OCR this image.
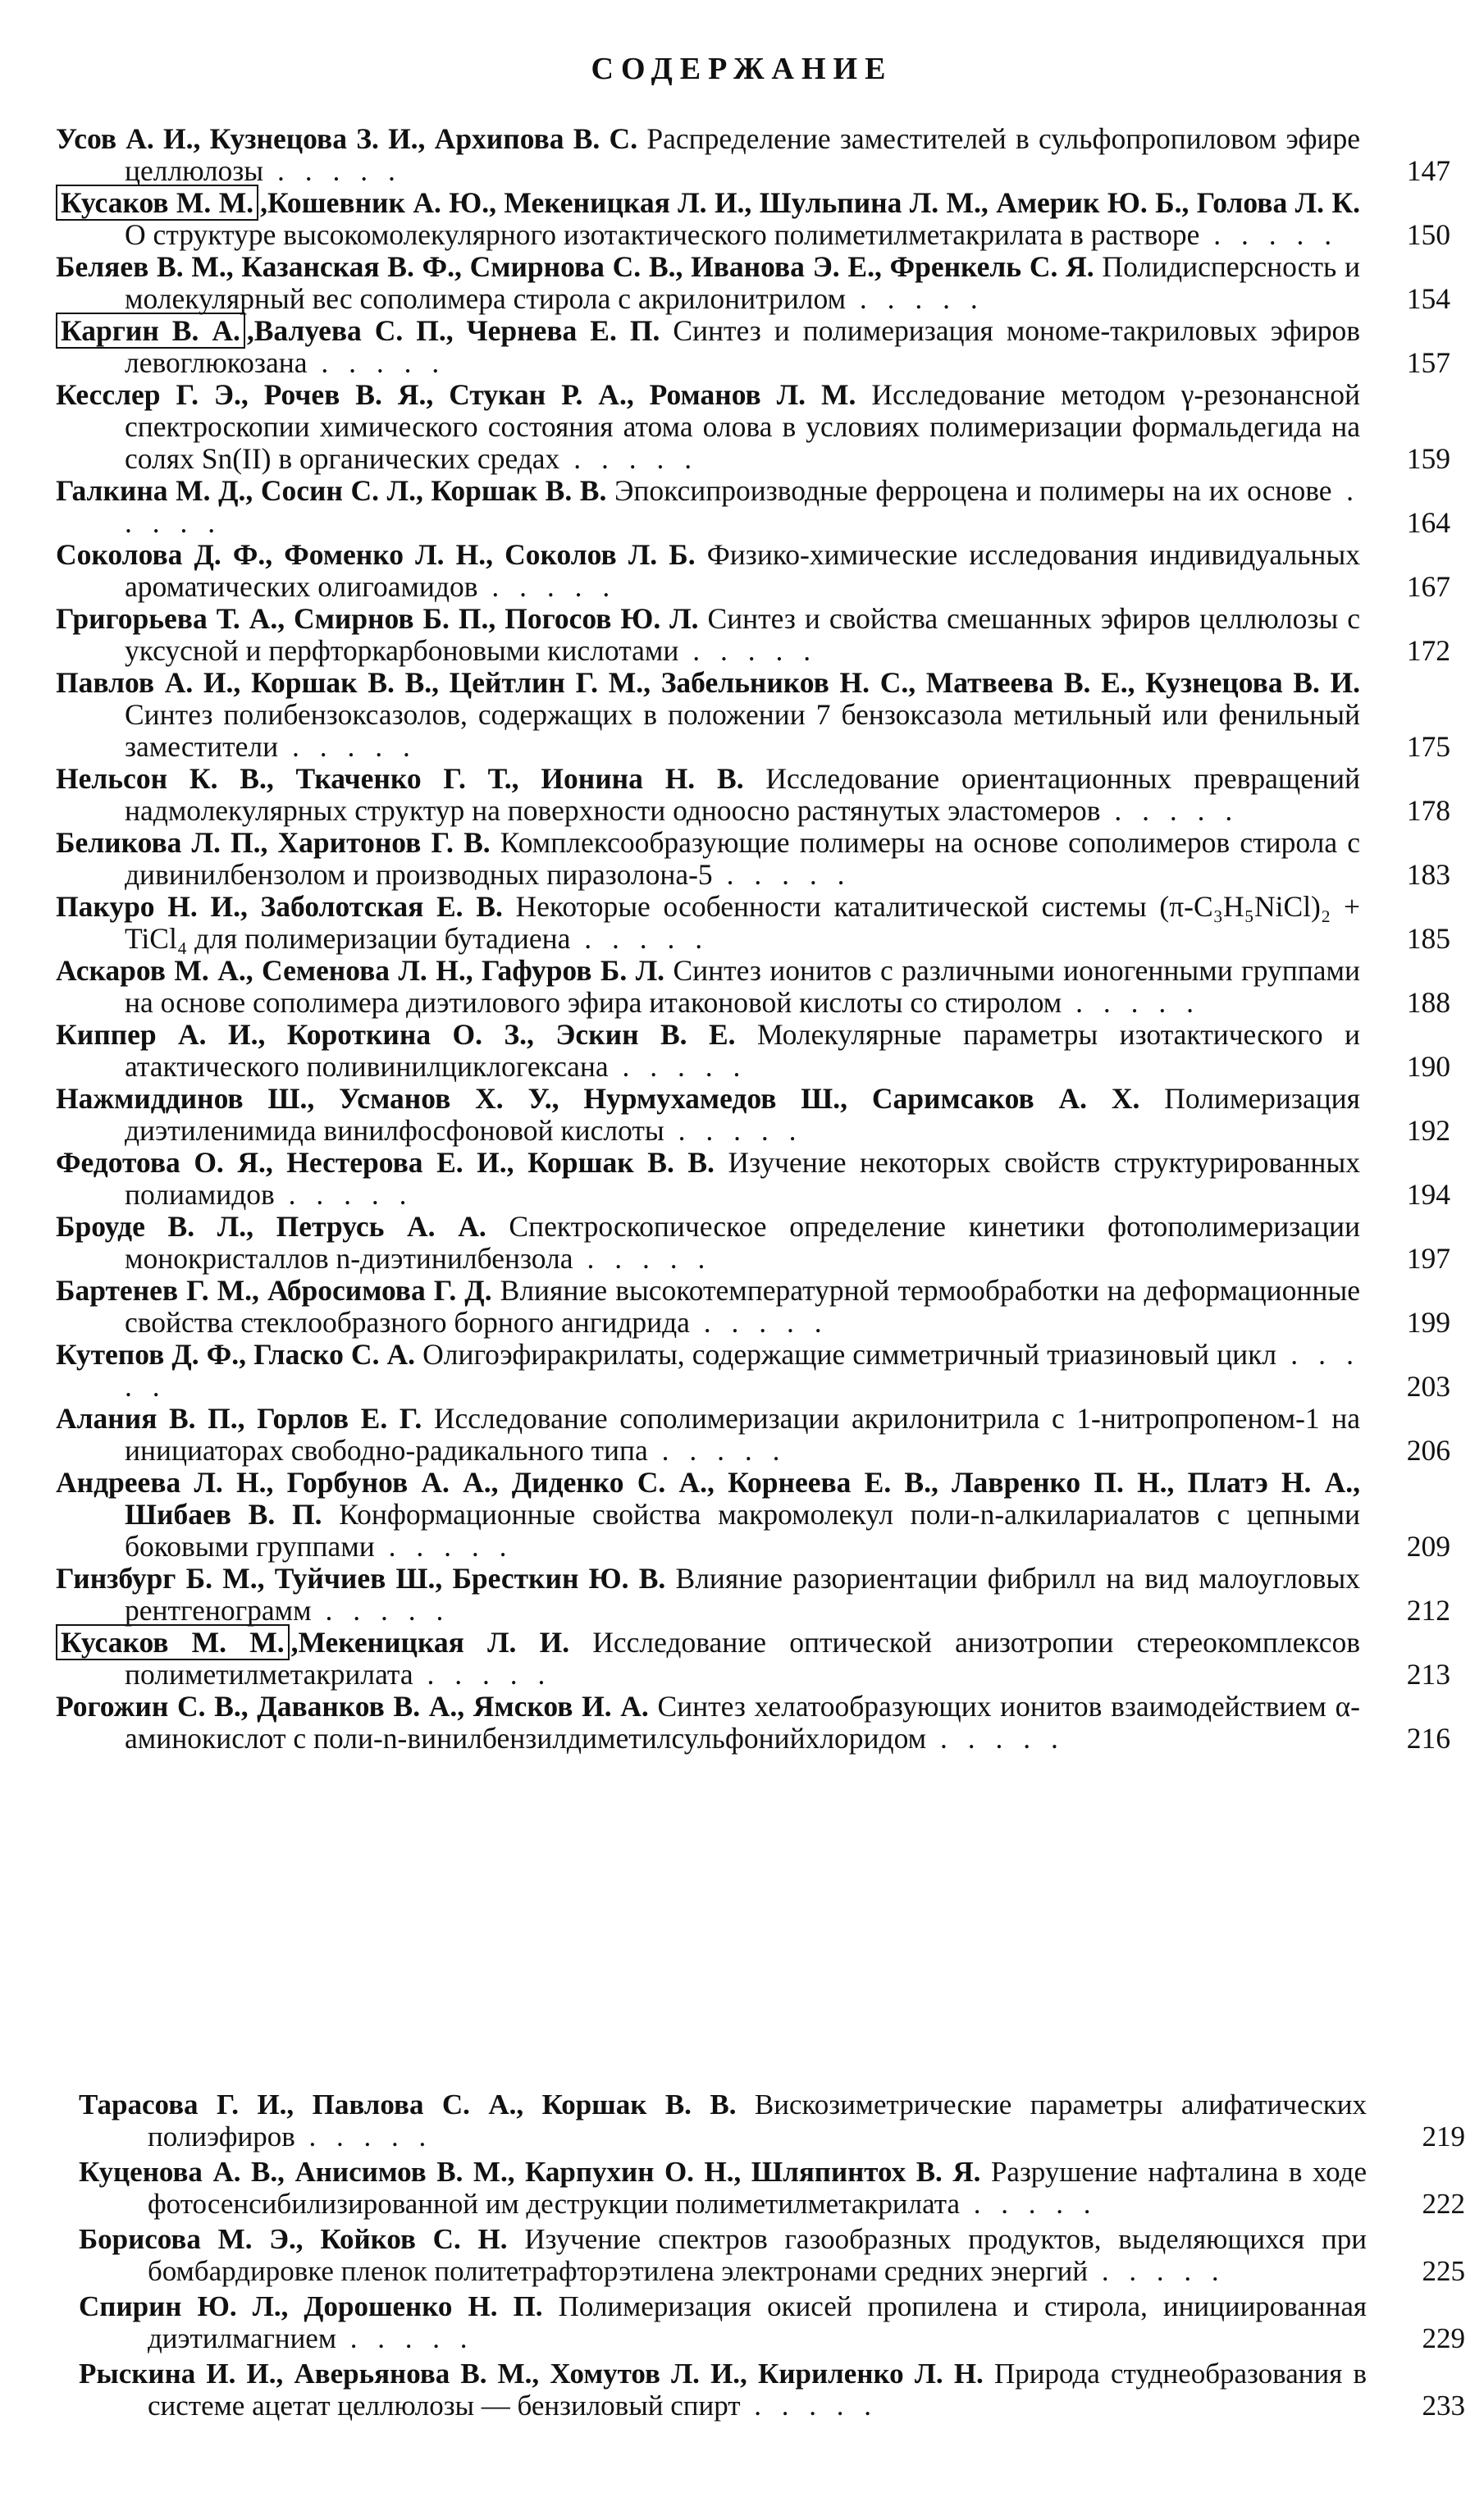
СОДЕРЖАНИЕ
Усов А. И., Кузнецова З. И., Архипова В. С. Распределение заместителей в сульфопропиловом эфире целлюлозы . . . . .	147
Кусаков М. М. ,Кошевник А. Ю., Мекеницкая Л. И., Шульпина Л. М., Америк Ю. Б., Голова Л. К. О структуре высокомолекулярного изотактического полиметилметакрилата в растворе . . . . .	150
Беляев В. М., Казанская В. Ф., Смирнова С. В., Иванова Э. Е., Френкель С. Я. Полидисперсность и молекулярный вес сополимера стирола с акрилонитрилом . . . . .	154
Каргин В. А. ,Валуева С. П., Чернева Е. П. Синтез и полимеризация мономе-такриловых эфиров левоглюкозана . . . . .	157
Кесслер Г. Э., Рочев В. Я., Стукан Р. А., Романов Л. М. Исследование методом γ-резонансной спектроскопии химического состояния атома олова в условиях полимеризации формальдегида на солях Sn(II) в органических средах . . . . .	159
Галкина М. Д., Сосин С. Л., Коршак В. В. Эпоксипроизводные ферроцена и полимеры на их основе . . . . .	164
Соколова Д. Ф., Фоменко Л. Н., Соколов Л. Б. Физико-химические исследования индивидуальных ароматических олигоамидов . . . . .	167
Григорьева Т. А., Смирнов Б. П., Погосов Ю. Л. Синтез и свойства смешанных эфиров целлюлозы с уксусной и перфторкарбоновыми кислотами . . . . .	172
Павлов А. И., Коршак В. В., Цейтлин Г. М., Забельников Н. С., Матвеева В. Е., Кузнецова В. И. Синтез полибензоксазолов, содержащих в положении 7 бензоксазола метильный или фенильный заместители . . . . .	175
Нельсон К. В., Ткаченко Г. Т., Ионина Н. В. Исследование ориентационных превращений надмолекулярных структур на поверхности одноосно растянутых эластомеров . . . . .	178
Беликова Л. П., Харитонов Г. В. Комплексообразующие полимеры на основе сополимеров стирола с дивинилбензолом и производных пиразолона-5 . . . . .	183
Пакуро Н. И., Заболотская Е. В. Некоторые особенности каталитической системы (π-C₃H₅NiCl)₂ + TiCl₄ для полимеризации бутадиена . . . . .	185
Аскаров М. А., Семенова Л. Н., Гафуров Б. Л. Синтез ионитов с различными ионогенными группами на основе сополимера диэтилового эфира итаконовой кислоты со стиролом . . . . .	188
Киппер А. И., Короткина О. З., Эскин В. Е. Молекулярные параметры изотактического и атактического поливинилциклогексана . . . . .	190
Нажмиддинов Ш., Усманов Х. У., Нурмухамедов Ш., Саримсаков А. Х. Полимеризация диэтиленимида винилфосфоновой кислоты . . . . .	192
Федотова О. Я., Нестерова Е. И., Коршак В. В. Изучение некоторых свойств структурированных полиамидов . . . . .	194
Броуде В. Л., Петрусь А. А. Спектроскопическое определение кинетики фотополимеризации монокристаллов n-диэтинилбензола . . . . .	197
Бартенев Г. М., Абросимова Г. Д. Влияние высокотемпературной термообработки на деформационные свойства стеклообразного борного ангидрида . . . . .	199
Кутепов Д. Ф., Гласко С. А. Олигоэфиракрилаты, содержащие симметричный триазиновый цикл . . . . .	203
Алания В. П., Горлов Е. Г. Исследование сополимеризации акрилонитрила с 1-нитропропеном-1 на инициаторах свободно-радикального типа . . . . .	206
Андреева Л. Н., Горбунов А. А., Диденко С. А., Корнеева Е. В., Лавренко П. Н., Платэ Н. А., Шибаев В. П. Конформационные свойства макромолекул поли-n-алкилариалатов с цепными боковыми группами . . . . .	209
Гинзбург Б. М., Туйчиев Ш., Бресткин Ю. В. Влияние разориентации фибрилл на вид малоугловых рентгенограмм . . . . .	212
Кусаков М. М. ,Мекеницкая Л. И. Исследование оптической анизотропии стереокомплексов полиметилметакрилата . . . . .	213
Рогожин С. В., Даванков В. А., Ямсков И. А. Синтез хелатообразующих ионитов взаимодействием α-аминокислот с поли-n-винилбензилдиметилсульфонийхлоридом . . . . .	216
Тарасова Г. И., Павлова С. А., Коршак В. В. Вискозиметрические параметры алифатических полиэфиров . . . . .	219
Куценова А. В., Анисимов В. М., Карпухин О. Н., Шляпинтох В. Я. Разрушение нафталина в ходе фотосенсибилизированной им деструкции полиметилметакрилата . . . . .	222
Борисова М. Э., Койков С. Н. Изучение спектров газообразных продуктов, выделяющихся при бомбардировке пленок политетрафторэтилена электронами средних энергий . . . . .	225
Спирин Ю. Л., Дорошенко Н. П. Полимеризация окисей пропилена и стирола, инициированная диэтилмагнием . . . . .	229
Рыскина И. И., Аверьянова В. М., Хомутов Л. И., Кириленко Л. Н. Природа студнеобразования в системе ацетат целлюлозы — бензиловый спирт . . . . .	233
